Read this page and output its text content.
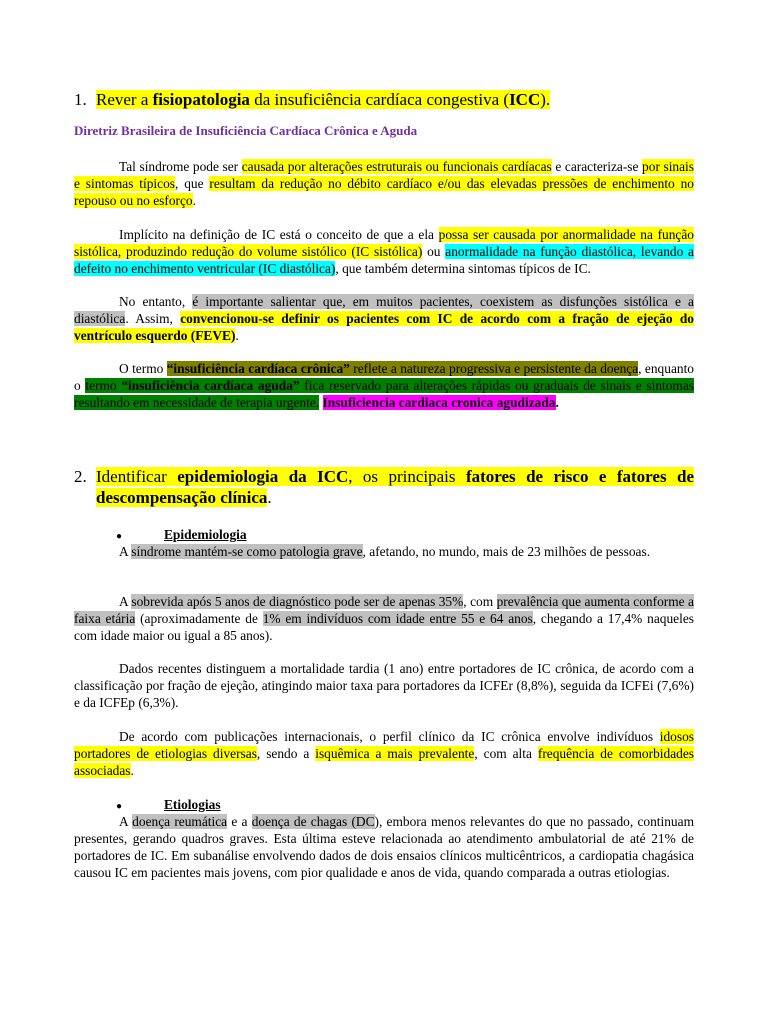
1. Rever a fisiopatologia da insuficiência cardíaca congestiva (ICC).

Diretriz Brasileira de Insuficiência Cardíaca Crônica e Aguda

Tal síndrome pode ser causada por alterações estruturais ou funcionais cardíacas e caracteriza-se por sinais e sintomas típicos, que resultam da redução no débito cardíaco e/ou das elevadas pressões de enchimento no repouso ou no esforço.

Implícito na definição de IC está o conceito de que a ela possa ser causada por anormalidade na função sistólica, produzindo redução do volume sistólico (IC sistólica) ou anormalidade na função diastólica, levando a defeito no enchimento ventricular (IC diastólica), que também determina sintomas típicos de IC.

No entanto, é importante salientar que, em muitos pacientes, coexistem as disfunções sistólica e a diastólica. Assim, convencionou-se definir os pacientes com IC de acordo com a fração de ejeção do ventrículo esquerdo (FEVE).

O termo “insuficiência cardíaca crônica” reflete a natureza progressiva e persistente da doença, enquanto o termo “insuficiência cardíaca aguda” fica reservado para alterações rápidas ou graduais de sinais e sintomas resultando em necessidade de terapia urgente. Insuficiencia cardiaca cronica agudizada.

2. Identificar epidemiologia da ICC, os principais fatores de risco e fatores de descompensação clínica.

●	Epidemiologia

A síndrome mantém-se como patologia grave, afetando, no mundo, mais de 23 milhões de pessoas.

A sobrevida após 5 anos de diagnóstico pode ser de apenas 35%, com prevalência que aumenta conforme a faixa etária (aproximadamente de 1% em indivíduos com idade entre 55 e 64 anos, chegando a 17,4% naqueles com idade maior ou igual a 85 anos).

Dados recentes distinguem a mortalidade tardia (1 ano) entre portadores de IC crônica, de acordo com a classificação por fração de ejeção, atingindo maior taxa para portadores da ICFEr (8,8%), seguida da ICFEi (7,6%) e da ICFEp (6,3%).

De acordo com publicações internacionais, o perfil clínico da IC crônica envolve indivíduos idosos portadores de etiologias diversas, sendo a isquêmica a mais prevalente, com alta frequência de comorbidades associadas.

●	Etiologias

A doença reumática e a doença de chagas (DC), embora menos relevantes do que no passado, continuam presentes, gerando quadros graves. Esta última esteve relacionada ao atendimento ambulatorial de até 21% de portadores de IC. Em subanálise envolvendo dados de dois ensaios clínicos multicêntricos, a cardiopatia chagásica causou IC em pacientes mais jovens, com pior qualidade e anos de vida, quando comparada a outras etiologias.
